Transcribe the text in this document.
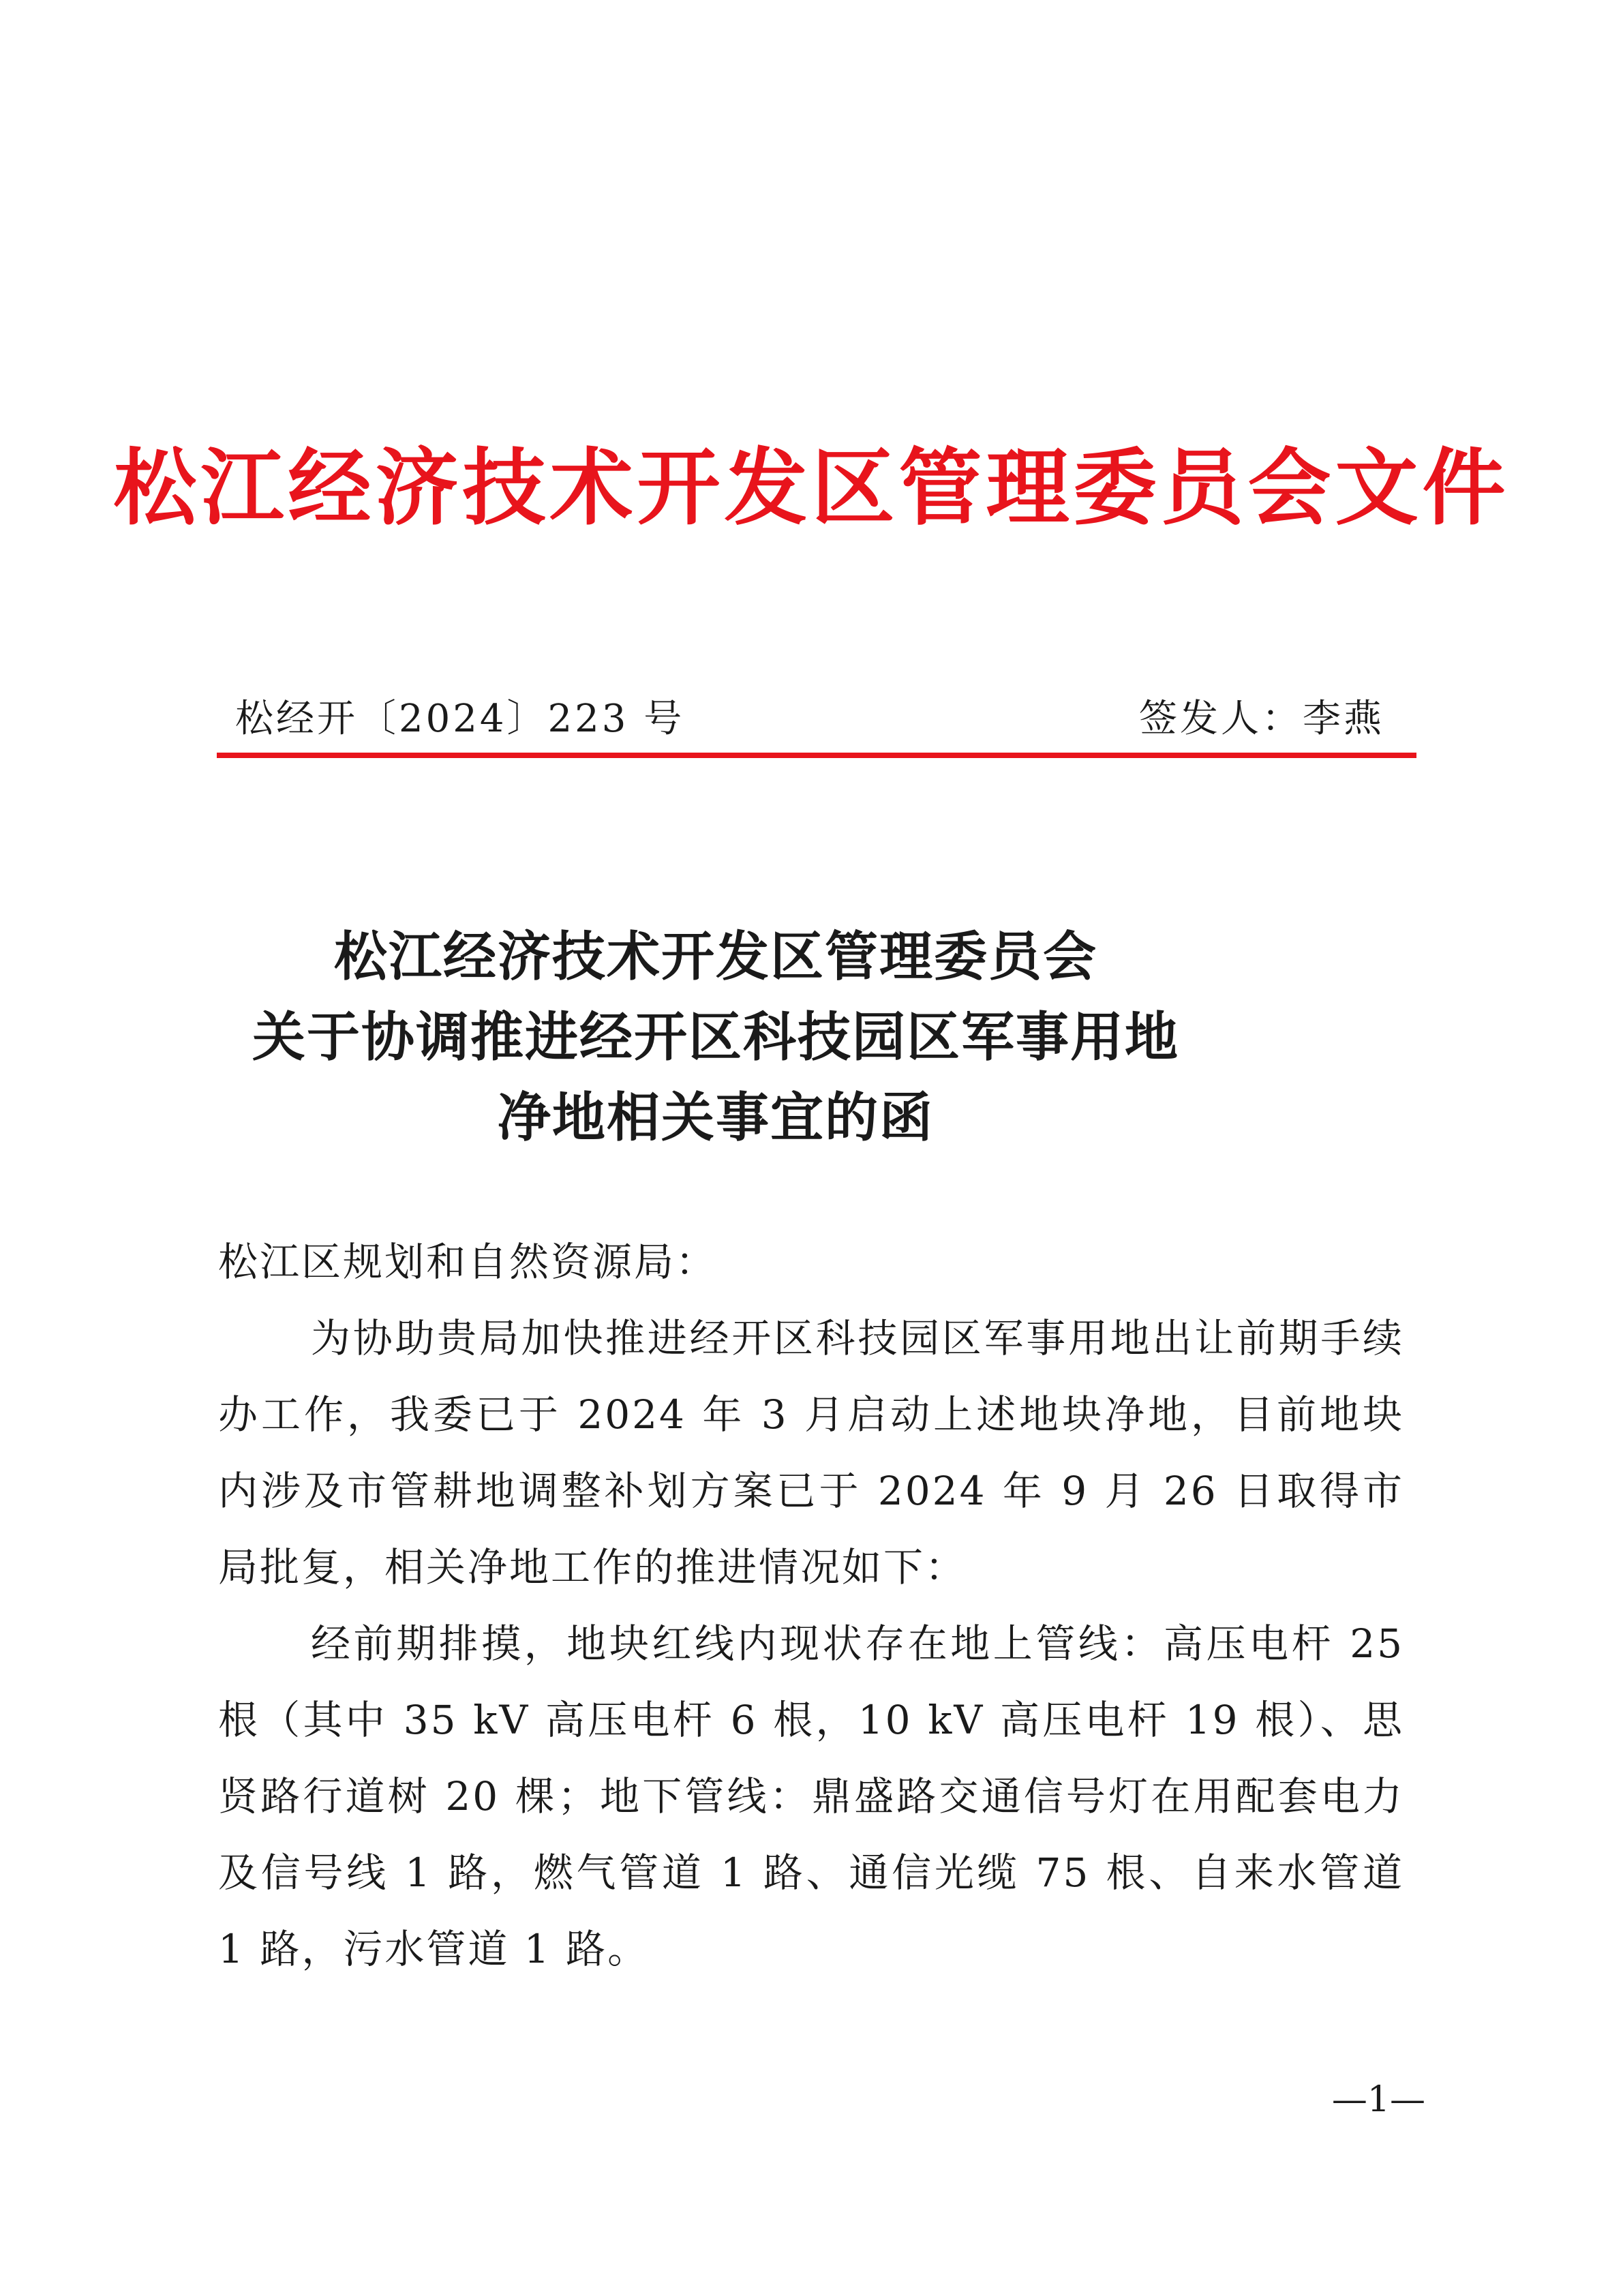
松江经济技术开发区管理委员会文件
松经开〔2024〕223 号	签发人：李燕
松江经济技术开发区管理委员会
关于协调推进经开区科技园区军事用地
净地相关事宜的函
松江区规划和自然资源局：

为协助贵局加快推进经开区科技园区军事用地出让前期手续办工作，我委已于 2024 年 3 月启动上述地块净地，目前地块内涉及市管耕地调整补划方案已于 2024 年 9 月 26 日取得市局批复，相关净地工作的推进情况如下：

经前期排摸，地块红线内现状存在地上管线：高压电杆 25 根（其中 35 kV 高压电杆 6 根，10 kV 高压电杆 19 根）、思贤路行道树 20 棵；地下管线：鼎盛路交通信号灯在用配套电力及信号线 1 路，燃气管道 1 路、通信光缆 75 根、自来水管道 1 路，污水管道 1 路。

—1—
